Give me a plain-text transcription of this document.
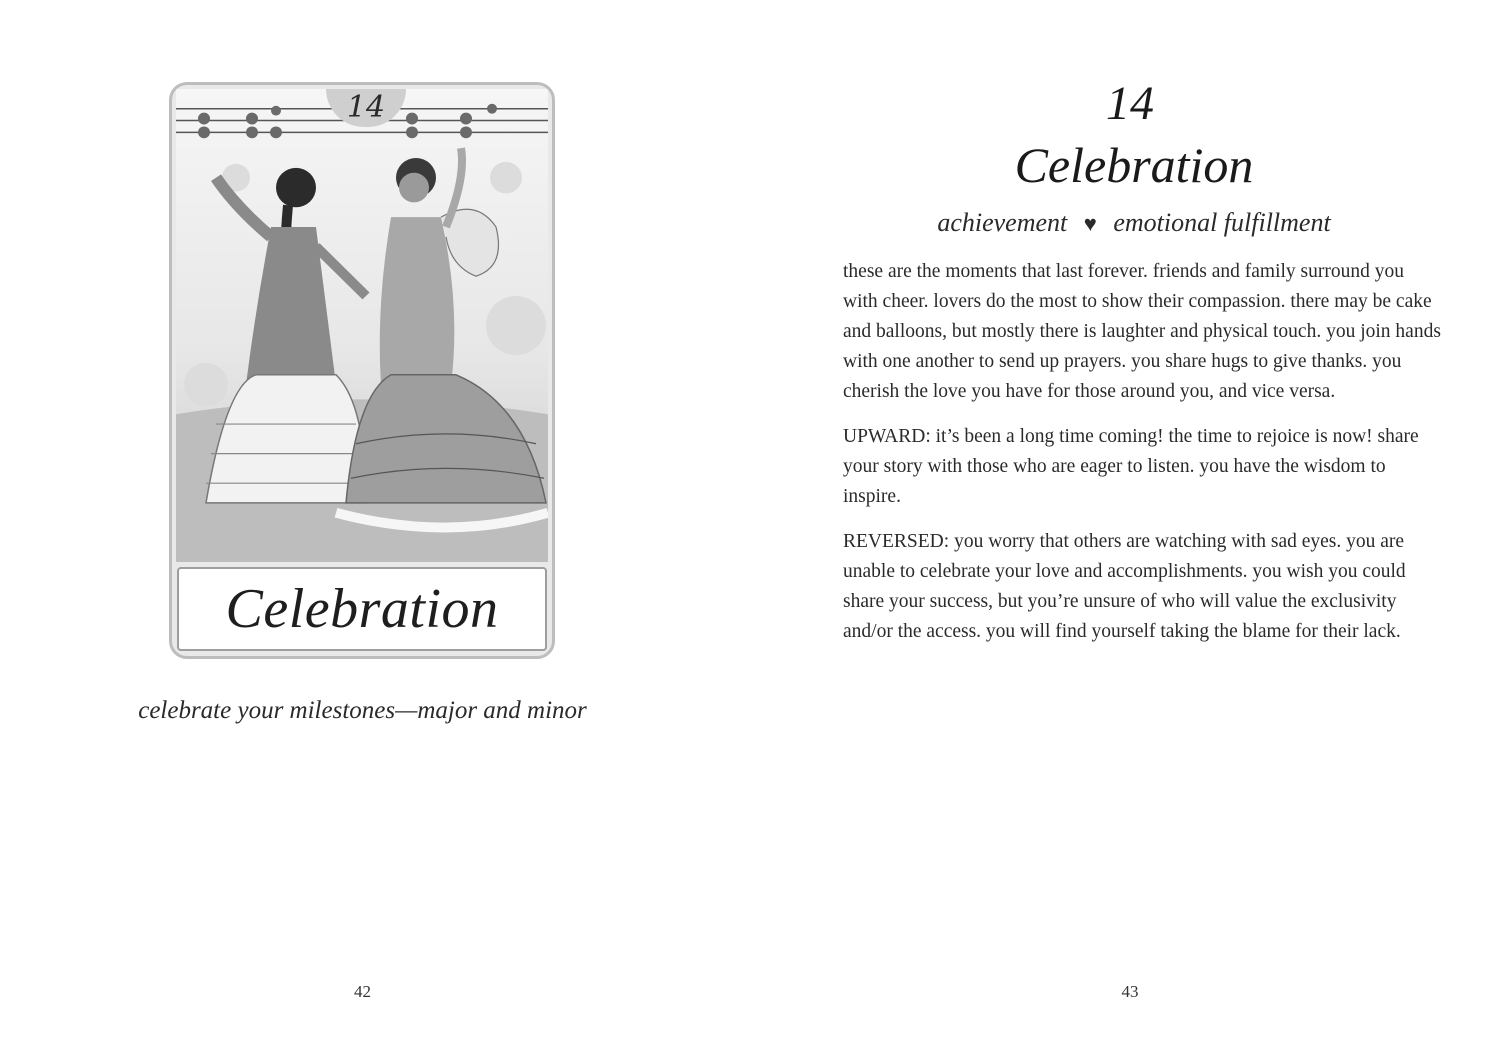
14
Celebration
celebrate your milestones—major and minor
42
14
Celebration
achievement ♥ emotional fulfillment

these are the moments that last forever. friends and family surround you with cheer. lovers do the most to show their compassion. there may be cake and balloons, but mostly there is laughter and physical touch. you join hands with one another to send up prayers. you share hugs to give thanks. you cherish the love you have for those around you, and vice versa.

UPWARD: it’s been a long time coming! the time to rejoice is now! share your story with those who are eager to listen. you have the wisdom to inspire.

REVERSED: you worry that others are watching with sad eyes. you are unable to celebrate your love and accomplishments. you wish you could share your success, but you’re unsure of who will value the exclusivity and/or the access. you will find yourself taking the blame for their lack.

43
